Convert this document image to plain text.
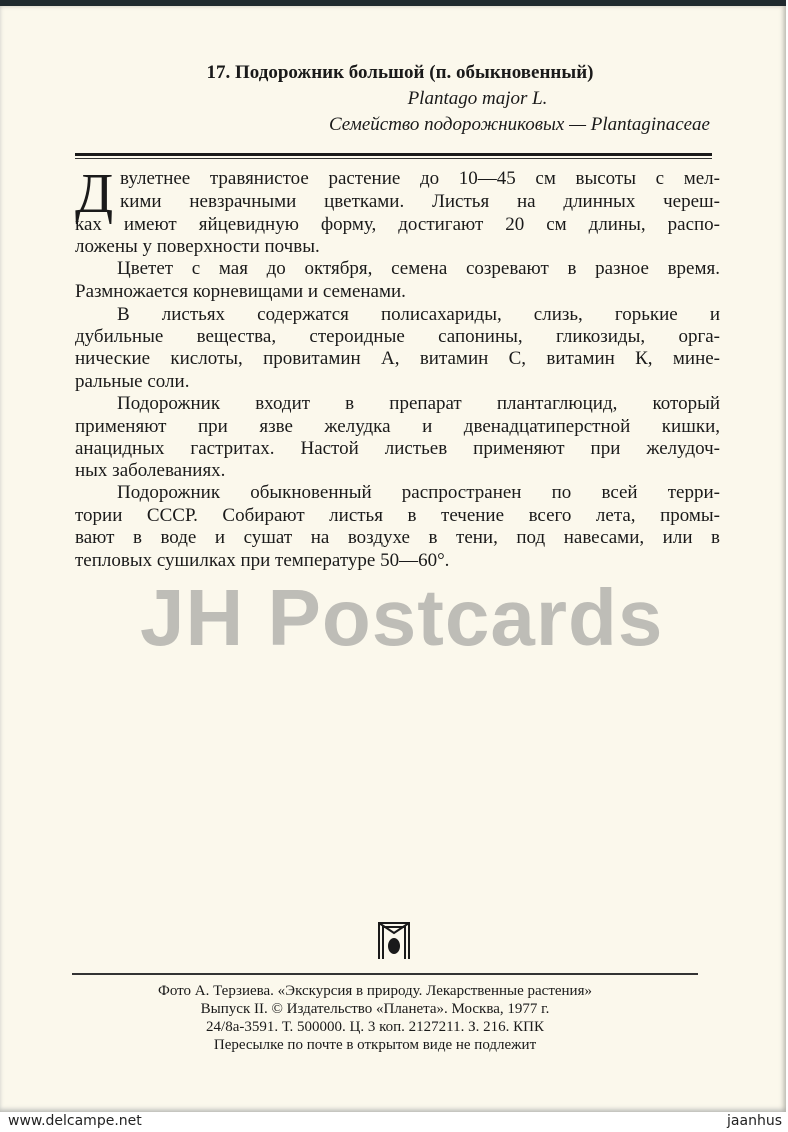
17. Подорожник большой (п. обыкновенный)
Plantago major L.
Семейство подорожниковых — Plantaginaceae
Д вулетнее травянистое растение до 10—45 см высоты с мел-
кими невзрачными цветками. Листья на длинных череш-
ках имеют яйцевидную форму, достигают 20 см длины, распо-
ложены у поверхности почвы.
Цветет с мая до октября, семена созревают в разное время.
Размножается корневищами и семенами.
В листьях содержатся полисахариды, слизь, горькие и
дубильные вещества, стероидные сапонины, гликозиды, орга-
нические кислоты, провитамин А, витамин С, витамин К, мине-
ральные соли.
Подорожник входит в препарат плантаглюцид, который
применяют при язве желудка и двенадцатиперстной кишки,
анацидных гастритах. Настой листьев применяют при желудоч-
ных заболеваниях.
Подорожник обыкновенный распространен по всей терри-
тории СССР. Собирают листья в течение всего лета, промы-
вают в воде и сушат на воздухе в тени, под навесами, или в
тепловых сушилках при температуре 50—60°.
JH Postcards
Фото А. Терзиева. «Экскурсия в природу. Лекарственные растения»
Выпуск II. © Издательство «Планета». Москва, 1977 г.
24/8а-3591. Т. 500000. Ц. 3 коп. 2127211. З. 216. КПК
Пересылке по почте в открытом виде не подлежит
www.delcampe.net	jaanhus
